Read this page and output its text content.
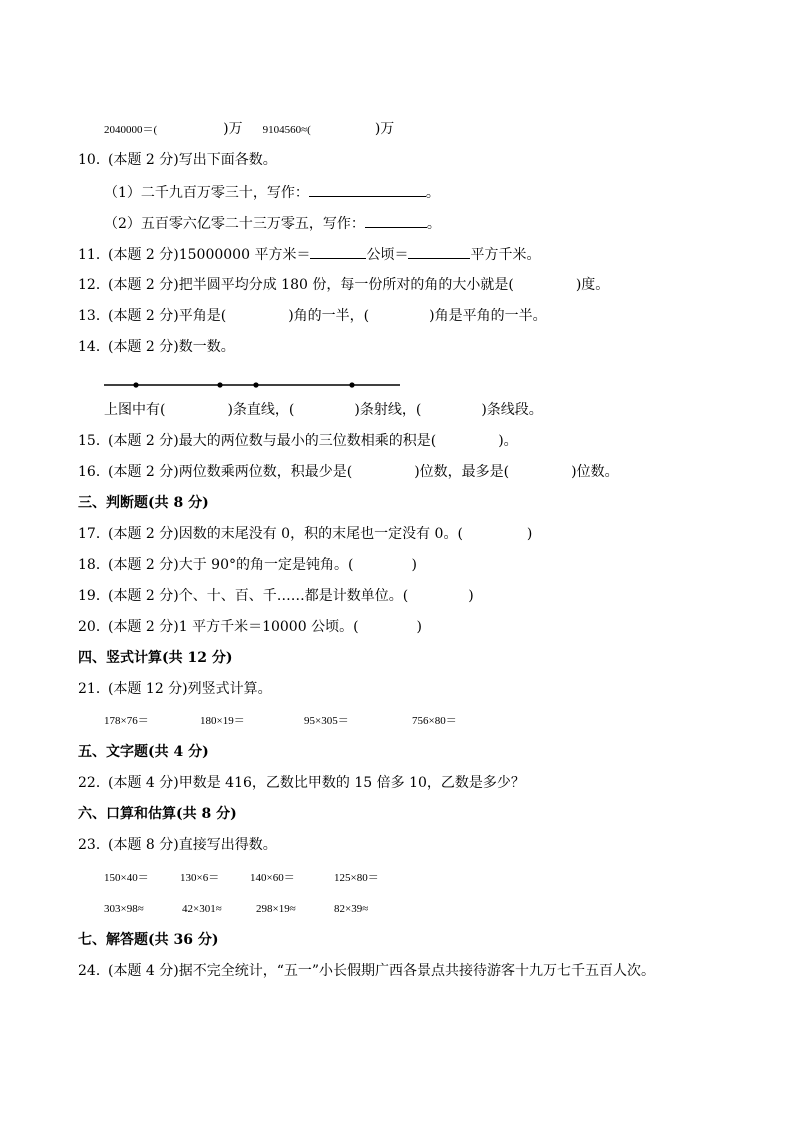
2040000＝(	)万 9104560≈(	)万
10．(本题 2 分)写出下面各数。
（1）二千九百万零三十，写作：	。
（2）五百零六亿零二十三万零五，写作：	。
11．(本题 2 分)15000000 平方米＝	公顷＝	平方千米。
12．(本题 2 分)把半圆平均分成 180 份，每一份所对的角的大小就是(	)度。
13．(本题 2 分)平角是(	)角的一半，(	)角是平角的一半。
14．(本题 2 分)数一数。
上图中有(	)条直线，(	)条射线，(	)条线段。
15．(本题 2 分)最大的两位数与最小的三位数相乘的积是(	)。
16．(本题 2 分)两位数乘两位数，积最少是(	)位数，最多是(	)位数。
三、判断题(共 8 分)
17．(本题 2 分)因数的末尾没有 0，积的末尾也一定没有 0。(	)
18．(本题 2 分)大于 90°的角一定是钝角。(	)
19．(本题 2 分)个、十、百、千……都是计数单位。(	)
20．(本题 2 分)1 平方千米＝10000 公顷。(	)
四、竖式计算(共 12 分)
21．(本题 12 分)列竖式计算。
178×76＝	180×19＝	95×305＝	756×80＝
五、文字题(共 4 分)
22．(本题 4 分)甲数是 416，乙数比甲数的 15 倍多 10，乙数是多少？
六、口算和估算(共 8 分)
23．(本题 8 分)直接写出得数。
150×40＝	130×6＝	140×60＝	125×80＝
303×98≈	42×301≈	298×19≈	82×39≈
七、解答题(共 36 分)
24．(本题 4 分)据不完全统计，“五一”小长假期广西各景点共接待游客十九万七千五百人次。
